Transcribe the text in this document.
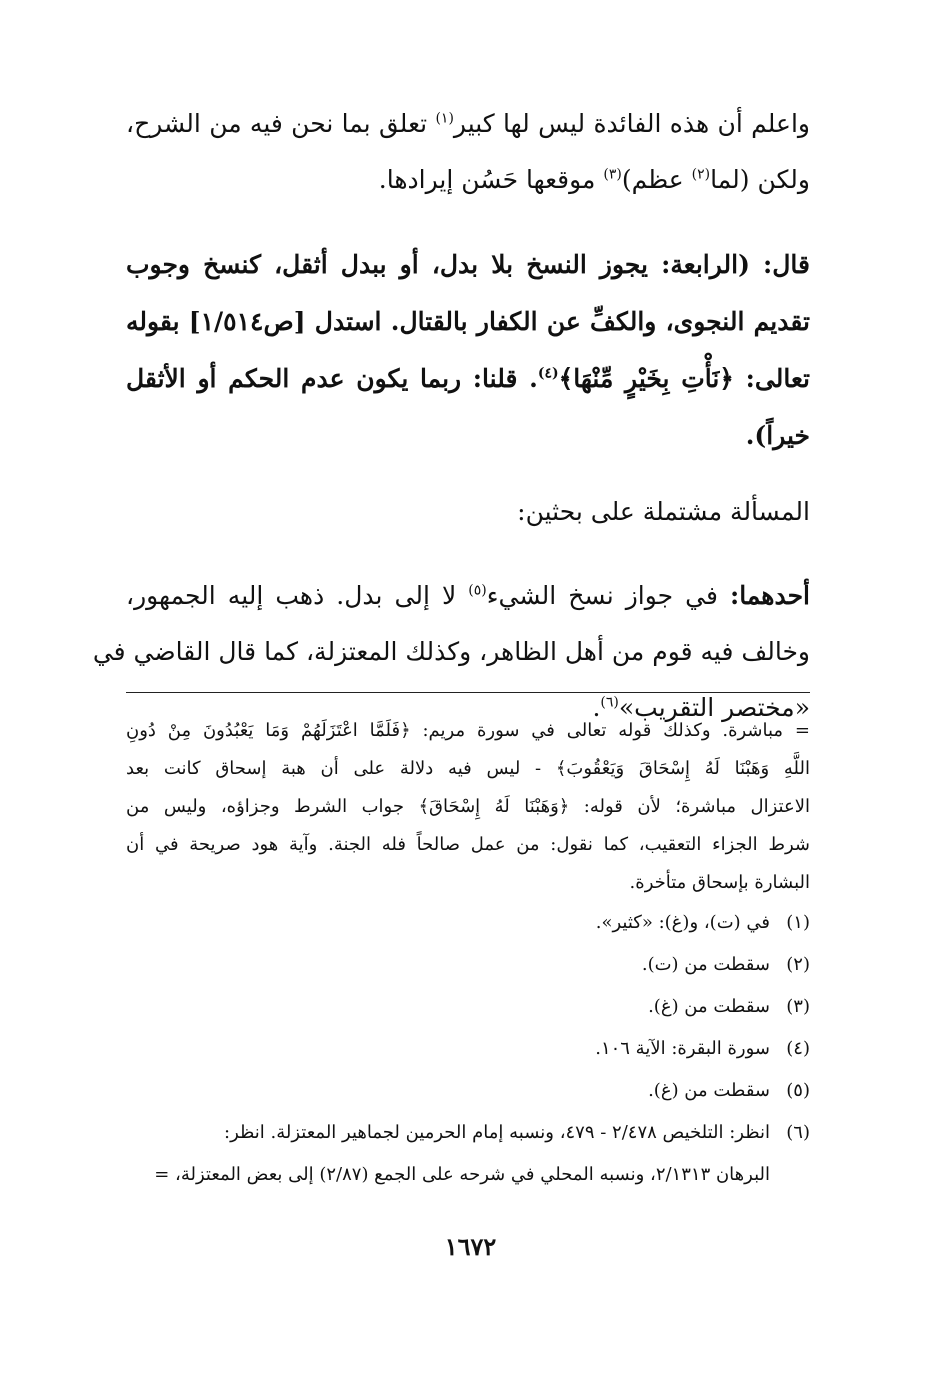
واعلم أن هذه الفائدة ليس لها كبير$^{(١)}$ تعلق بما نحن فيه من الشرح،
ولكن (لما$^{(٢)}$ عظم)$^{(٣)}$ موقعها حَسُن إيرادها.
قال: (الرابعة: يجوز النسخ بلا بدل، أو ببدل أثقل، كنسخ وجوب
تقديم النجوى، والكفِّ عن الكفار بالقتال. استدل [ص١/٥١٤] بقوله
تعالى: ﴿نَأْتِ بِخَيْرٍ مِّنْهَا﴾$^{(٤)}$. قلنا: ربما يكون عدم الحكم أو الأثقل
خيراً).
المسألة مشتملة على بحثين:
أحدهما: في جواز نسخ الشيء$^{(٥)}$ لا إلى بدل. ذهب إليه الجمهور،
وخالف فيه قوم من أهل الظاهر، وكذلك المعتزلة، كما قال القاضي في
«مختصر التقريب»$^{(٦)}$.
= مباشرة. وكذلك قوله تعالى في سورة مريم: ﴿فَلَمَّا اعْتَزَلَهُمْ وَمَا يَعْبُدُونَ مِنْ دُونِ
اللَّهِ وَهَبْنَا لَهُ إِسْحَاقَ وَيَعْقُوبَ﴾ - ليس فيه دلالة على أن هبة إسحاق كانت بعد
الاعتزال مباشرة؛ لأن قوله: ﴿وَهَبْنَا لَهُ إِسْحَاقَ﴾ جواب الشرط وجزاؤه، وليس من
شرط الجزاء التعقيب، كما نقول: من عمل صالحاً فله الجنة. وآية هود صريحة في أن
البشارة بإسحاق متأخرة.
(١)في (ت)، و(غ): «كثير».
(٢)سقطت من (ت).
(٣)سقطت من (غ).
(٤)سورة البقرة: الآية ١٠٦.
(٥)سقطت من (غ).
(٦)انظر: التلخيص ٢/٤٧٨ - ٤٧٩، ونسبه إمام الحرمين لجماهير المعتزلة. انظر:
البرهان ٢/١٣١٣، ونسبه المحلي في شرحه على الجمع (٢/٨٧) إلى بعض المعتزلة، =
١٦٧٢
